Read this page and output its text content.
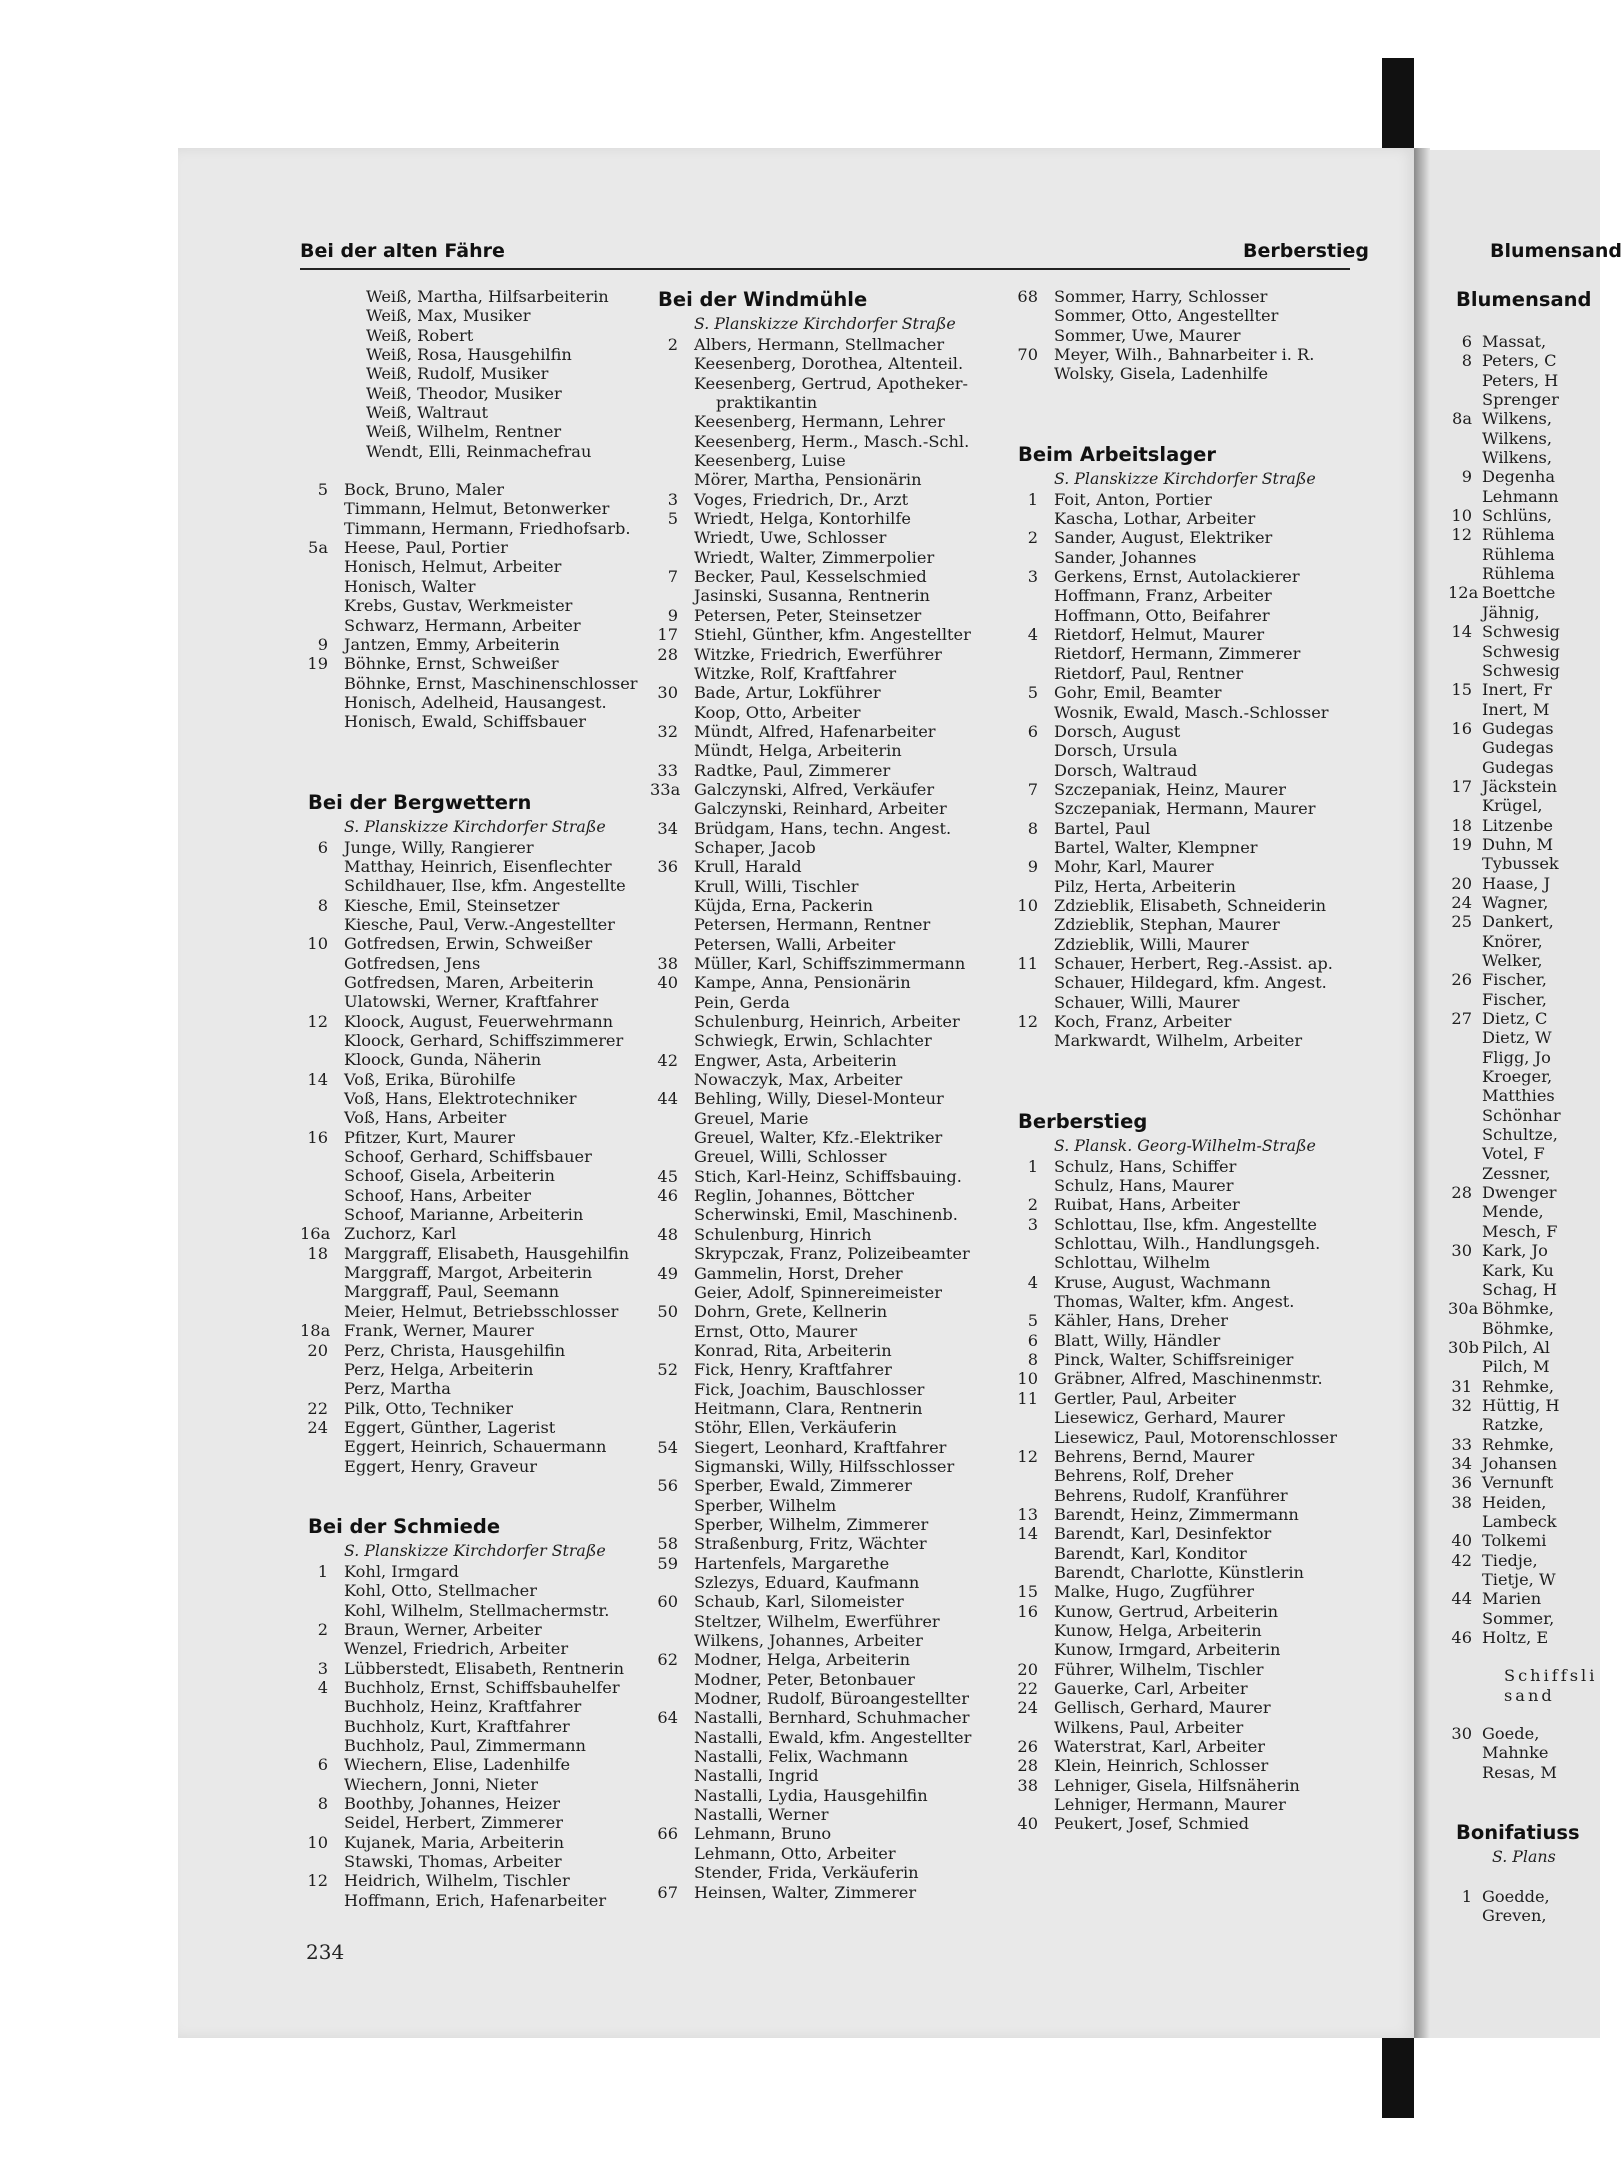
Bei der alten Fähre	Berberstieg	Blumensand
Weiß, Martha, Hilfsarbeiterin
Weiß, Max, Musiker
Weiß, Robert
Weiß, Rosa, Hausgehilfin
Weiß, Rudolf, Musiker
Weiß, Theodor, Musiker
Weiß, Waltraut
Weiß, Wilhelm, Rentner
Wendt, Elli, Reinmachefrau
5 Bock, Bruno, Maler
Timmann, Helmut, Betonwerker
Timmann, Hermann, Friedhofsarb.
5a Heese, Paul, Portier
Honisch, Helmut, Arbeiter
Honisch, Walter
Krebs, Gustav, Werkmeister
Schwarz, Hermann, Arbeiter
9 Jantzen, Emmy, Arbeiterin
19 Böhnke, Ernst, Schweißer
Böhnke, Ernst, Maschinenschlosser
Honisch, Adelheid, Hausangest.
Honisch, Ewald, Schiffsbauer
Bei der Bergwettern
S. Planskizze Kirchdorfer Straße
6 Junge, Willy, Rangierer
Matthay, Heinrich, Eisenflechter
Schildhauer, Ilse, kfm. Angestellte
8 Kiesche, Emil, Steinsetzer
Kiesche, Paul, Verw.-Angestellter
10 Gotfredsen, Erwin, Schweißer
Gotfredsen, Jens
Gotfredsen, Maren, Arbeiterin
Ulatowski, Werner, Kraftfahrer
12 Kloock, August, Feuerwehrmann
Kloock, Gerhard, Schiffszimmerer
Kloock, Gunda, Näherin
14 Voß, Erika, Bürohilfe
Voß, Hans, Elektrotechniker
Voß, Hans, Arbeiter
16 Pfitzer, Kurt, Maurer
Schoof, Gerhard, Schiffsbauer
Schoof, Gisela, Arbeiterin
Schoof, Hans, Arbeiter
Schoof, Marianne, Arbeiterin
16a Zuchorz, Karl
18 Marggraff, Elisabeth, Hausgehilfin
Marggraff, Margot, Arbeiterin
Marggraff, Paul, Seemann
Meier, Helmut, Betriebsschlosser
18a Frank, Werner, Maurer
20 Perz, Christa, Hausgehilfin
Perz, Helga, Arbeiterin
Perz, Martha
22 Pilk, Otto, Techniker
24 Eggert, Günther, Lagerist
Eggert, Heinrich, Schauermann
Eggert, Henry, Graveur
Bei der Schmiede
S. Planskizze Kirchdorfer Straße
1 Kohl, Irmgard
Kohl, Otto, Stellmacher
Kohl, Wilhelm, Stellmachermstr.
2 Braun, Werner, Arbeiter
Wenzel, Friedrich, Arbeiter
3 Lübberstedt, Elisabeth, Rentnerin
4 Buchholz, Ernst, Schiffsbauhelfer
Buchholz, Heinz, Kraftfahrer
Buchholz, Kurt, Kraftfahrer
Buchholz, Paul, Zimmermann
6 Wiechern, Elise, Ladenhilfe
Wiechern, Jonni, Nieter
8 Boothby, Johannes, Heizer
Seidel, Herbert, Zimmerer
10 Kujanek, Maria, Arbeiterin
Stawski, Thomas, Arbeiter
12 Heidrich, Wilhelm, Tischler
Hoffmann, Erich, Hafenarbeiter
Bei der Windmühle
S. Planskizze Kirchdorfer Straße
2 Albers, Hermann, Stellmacher
Keesenberg, Dorothea, Altenteil.
Keesenberg, Gertrud, Apotheker-
praktikantin
Keesenberg, Hermann, Lehrer
Keesenberg, Herm., Masch.-Schl.
Keesenberg, Luise
Mörer, Martha, Pensionärin
3 Voges, Friedrich, Dr., Arzt
5 Wriedt, Helga, Kontorhilfe
Wriedt, Uwe, Schlosser
Wriedt, Walter, Zimmerpolier
7 Becker, Paul, Kesselschmied
Jasinski, Susanna, Rentnerin
9 Petersen, Peter, Steinsetzer
17 Stiehl, Günther, kfm. Angestellter
28 Witzke, Friedrich, Ewerführer
Witzke, Rolf, Kraftfahrer
30 Bade, Artur, Lokführer
Koop, Otto, Arbeiter
32 Mündt, Alfred, Hafenarbeiter
Mündt, Helga, Arbeiterin
33 Radtke, Paul, Zimmerer
33a Galczynski, Alfred, Verkäufer
Galczynski, Reinhard, Arbeiter
34 Brüdgam, Hans, techn. Angest.
Schaper, Jacob
36 Krull, Harald
Krull, Willi, Tischler
Küjda, Erna, Packerin
Petersen, Hermann, Rentner
Petersen, Walli, Arbeiter
38 Müller, Karl, Schiffszimmermann
40 Kampe, Anna, Pensionärin
Pein, Gerda
Schulenburg, Heinrich, Arbeiter
Schwiegk, Erwin, Schlachter
42 Engwer, Asta, Arbeiterin
Nowaczyk, Max, Arbeiter
44 Behling, Willy, Diesel-Monteur
Greuel, Marie
Greuel, Walter, Kfz.-Elektriker
Greuel, Willi, Schlosser
45 Stich, Karl-Heinz, Schiffsbauing.
46 Reglin, Johannes, Böttcher
Scherwinski, Emil, Maschinenb.
48 Schulenburg, Hinrich
Skrypczak, Franz, Polizeibeamter
49 Gammelin, Horst, Dreher
Geier, Adolf, Spinnereimeister
50 Dohrn, Grete, Kellnerin
Ernst, Otto, Maurer
Konrad, Rita, Arbeiterin
52 Fick, Henry, Kraftfahrer
Fick, Joachim, Bauschlosser
Heitmann, Clara, Rentnerin
Stöhr, Ellen, Verkäuferin
54 Siegert, Leonhard, Kraftfahrer
Sigmanski, Willy, Hilfsschlosser
56 Sperber, Ewald, Zimmerer
Sperber, Wilhelm
Sperber, Wilhelm, Zimmerer
58 Straßenburg, Fritz, Wächter
59 Hartenfels, Margarethe
Szlezys, Eduard, Kaufmann
60 Schaub, Karl, Silomeister
Steltzer, Wilhelm, Ewerführer
Wilkens, Johannes, Arbeiter
62 Modner, Helga, Arbeiterin
Modner, Peter, Betonbauer
Modner, Rudolf, Büroangestellter
64 Nastalli, Bernhard, Schuhmacher
Nastalli, Ewald, kfm. Angestellter
Nastalli, Felix, Wachmann
Nastalli, Ingrid
Nastalli, Lydia, Hausgehilfin
Nastalli, Werner
66 Lehmann, Bruno
Lehmann, Otto, Arbeiter
Stender, Frida, Verkäuferin
67 Heinsen, Walter, Zimmerer
68 Sommer, Harry, Schlosser
Sommer, Otto, Angestellter
Sommer, Uwe, Maurer
70 Meyer, Wilh., Bahnarbeiter i. R.
Wolsky, Gisela, Ladenhilfe
Beim Arbeitslager
S. Planskizze Kirchdorfer Straße
1 Foit, Anton, Portier
Kascha, Lothar, Arbeiter
2 Sander, August, Elektriker
Sander, Johannes
3 Gerkens, Ernst, Autolackierer
Hoffmann, Franz, Arbeiter
Hoffmann, Otto, Beifahrer
4 Rietdorf, Helmut, Maurer
Rietdorf, Hermann, Zimmerer
Rietdorf, Paul, Rentner
5 Gohr, Emil, Beamter
Wosnik, Ewald, Masch.-Schlosser
6 Dorsch, August
Dorsch, Ursula
Dorsch, Waltraud
7 Szczepaniak, Heinz, Maurer
Szczepaniak, Hermann, Maurer
8 Bartel, Paul
Bartel, Walter, Klempner
9 Mohr, Karl, Maurer
Pilz, Herta, Arbeiterin
10 Zdzieblik, Elisabeth, Schneiderin
Zdzieblik, Stephan, Maurer
Zdzieblik, Willi, Maurer
11 Schauer, Herbert, Reg.-Assist. ap.
Schauer, Hildegard, kfm. Angest.
Schauer, Willi, Maurer
12 Koch, Franz, Arbeiter
Markwardt, Wilhelm, Arbeiter
Berberstieg
S. Plansk. Georg-Wilhelm-Straße
1 Schulz, Hans, Schiffer
Schulz, Hans, Maurer
2 Ruibat, Hans, Arbeiter
3 Schlottau, Ilse, kfm. Angestellte
Schlottau, Wilh., Handlungsgeh.
Schlottau, Wilhelm
4 Kruse, August, Wachmann
Thomas, Walter, kfm. Angest.
5 Kähler, Hans, Dreher
6 Blatt, Willy, Händler
8 Pinck, Walter, Schiffsreiniger
10 Gräbner, Alfred, Maschinenmstr.
11 Gertler, Paul, Arbeiter
Liesewicz, Gerhard, Maurer
Liesewicz, Paul, Motorenschlosser
12 Behrens, Bernd, Maurer
Behrens, Rolf, Dreher
Behrens, Rudolf, Kranführer
13 Barendt, Heinz, Zimmermann
14 Barendt, Karl, Desinfektor
Barendt, Karl, Konditor
Barendt, Charlotte, Künstlerin
15 Malke, Hugo, Zugführer
16 Kunow, Gertrud, Arbeiterin
Kunow, Helga, Arbeiterin
Kunow, Irmgard, Arbeiterin
20 Führer, Wilhelm, Tischler
22 Gauerke, Carl, Arbeiter
24 Gellisch, Gerhard, Maurer
Wilkens, Paul, Arbeiter
26 Waterstrat, Karl, Arbeiter
28 Klein, Heinrich, Schlosser
38 Lehniger, Gisela, Hilfsnäherin
Lehniger, Hermann, Maurer
40 Peukert, Josef, Schmied
Blumensand
6 Massat,
8 Peters, C
Peters, H
Sprenger
8a Wilkens,
Wilkens,
Wilkens,
9 Degenha
Lehmann
10 Schlüns,
12 Rühlema
Rühlema
Rühlema
12a Boettche
Jähnig,
14 Schwesig
Schwesig
Schwesig
15 Inert, Fr
Inert, M
16 Gudegas
Gudegas
Gudegas
17 Jäckstein
Krügel,
18 Litzenbe
19 Duhn, M
Tybussek
20 Haase, J
24 Wagner,
25 Dankert,
Knörer,
Welker,
26 Fischer,
Fischer,
27 Dietz, C
Dietz, W
Fligg, Jo
Kroeger,
Matthies
Schönhar
Schultze,
Votel, F
Zessner,
28 Dwenger
Mende,
Mesch, F
30 Kark, Jo
Kark, Ku
Schag, H
30a Böhmke,
Böhmke,
30b Pilch, Al
Pilch, M
31 Rehmke,
32 Hüttig, H
Ratzke,
33 Rehmke,
34 Johansen
36 Vernunft
38 Heiden,
Lambeck
40 Tolkemi
42 Tiedje,
Tietje, W
44 Marien
Sommer,
46 Holtz, E
Schiffsli
sand
30 Goede,
Mahnke
Resas, M
Bonifatiuss
S. Plans
1 Goedde,
Greven,
234
